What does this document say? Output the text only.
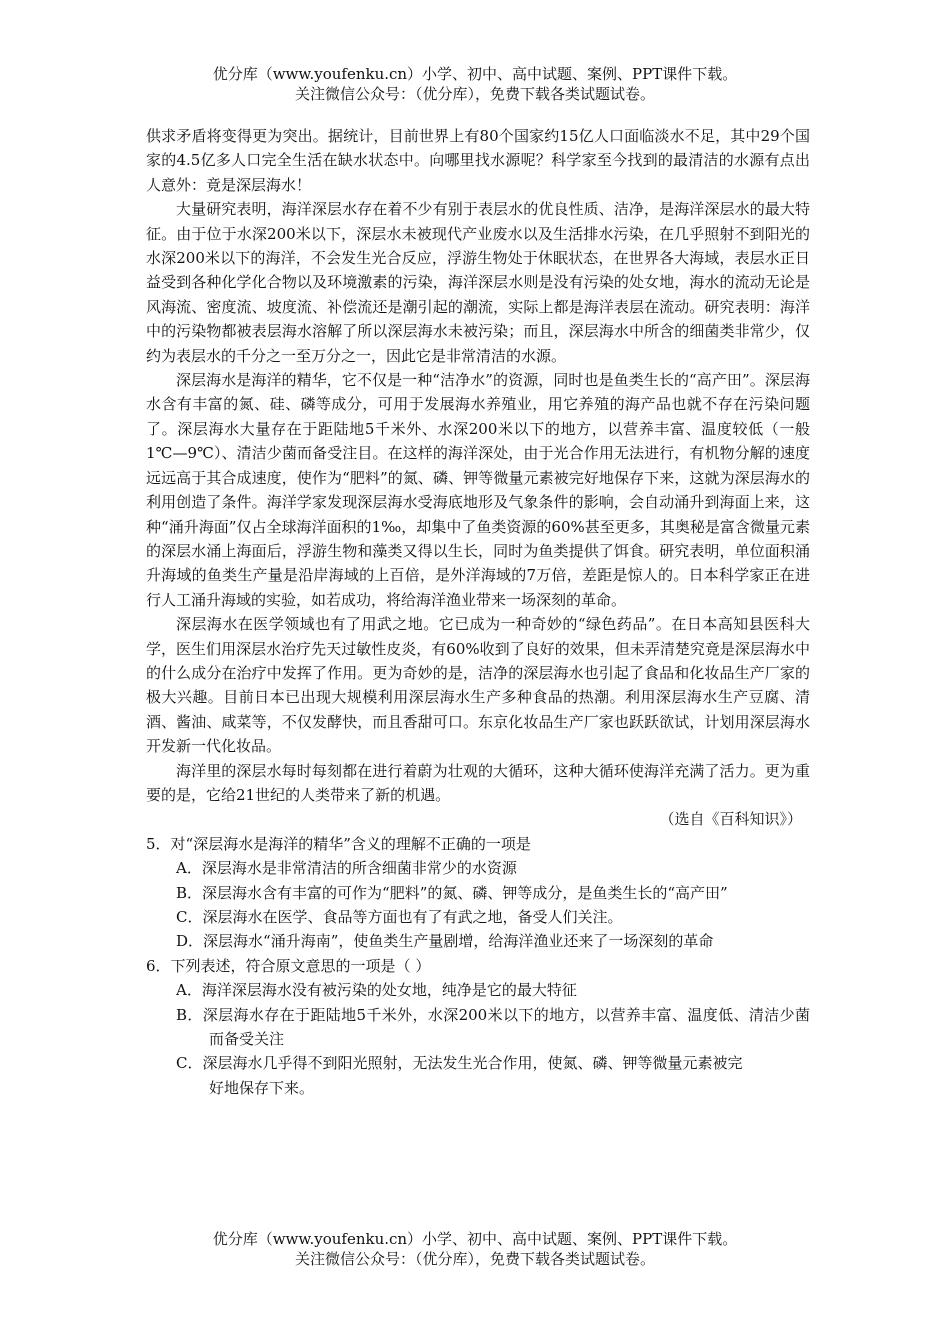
优分库（www.youfenku.cn）小学、初中、高中试题、案例、PPT课件下载。
关注微信公众号：（优分库），免费下载各类试题试卷。

供求矛盾将变得更为突出。据统计，目前世界上有80个国家约15亿人口面临淡水不足，其中29个国家的4.5亿多人口完全生活在缺水状态中。向哪里找水源呢？科学家至今找到的最清洁的水源有点出人意外：竟是深层海水！

大量研究表明，海洋深层水存在着不少有别于表层水的优良性质、洁净，是海洋深层水的最大特征。由于位于水深200米以下，深层水未被现代产业废水以及生活排水污染，在几乎照射不到阳光的水深200米以下的海洋，不会发生光合反应，浮游生物处于休眠状态，在世界各大海域，表层水正日益受到各种化学化合物以及环境激素的污染，海洋深层水则是没有污染的处女地，海水的流动无论是风海流、密度流、坡度流、补偿流还是潮引起的潮流，实际上都是海洋表层在流动。研究表明：海洋中的污染物都被表层海水溶解了所以深层海水未被污染；而且，深层海水中所含的细菌类非常少，仅约为表层水的千分之一至万分之一，因此它是非常清洁的水源。

深层海水是海洋的精华，它不仅是一种“洁净水”的资源，同时也是鱼类生长的“高产田”。深层海水含有丰富的氮、硅、磷等成分，可用于发展海水养殖业，用它养殖的海产品也就不存在污染问题了。深层海水大量存在于距陆地5千米外、水深200米以下的地方，以营养丰富、温度较低（一般1℃—9℃）、清洁少菌而备受注目。在这样的海洋深处，由于光合作用无法进行，有机物分解的速度远远高于其合成速度，使作为“肥料”的氮、磷、钾等微量元素被完好地保存下来，这就为深层海水的利用创造了条件。海洋学家发现深层海水受海底地形及气象条件的影响，会自动涌升到海面上来，这种“涌升海面”仅占全球海洋面积的1‰，却集中了鱼类资源的60%甚至更多，其奥秘是富含微量元素的深层水涌上海面后，浮游生物和藻类又得以生长，同时为鱼类提供了饵食。研究表明，单位面积涌升海域的鱼类生产量是沿岸海域的上百倍，是外洋海域的7万倍，差距是惊人的。日本科学家正在进行人工涌升海域的实验，如若成功，将给海洋渔业带来一场深刻的革命。

深层海水在医学领域也有了用武之地。它已成为一种奇妙的“绿色药品”。在日本高知县医科大学，医生们用深层水治疗先天过敏性皮炎，有60%收到了良好的效果，但未弄清楚究竟是深层海水中的什么成分在治疗中发挥了作用。更为奇妙的是，洁净的深层海水也引起了食品和化妆品生产厂家的极大兴趣。目前日本已出现大规模利用深层海水生产多种食品的热潮。利用深层海水生产豆腐、清酒、酱油、咸菜等，不仅发酵快，而且香甜可口。东京化妆品生产厂家也跃跃欲试，计划用深层海水开发新一代化妆品。

海洋里的深层水每时每刻都在进行着蔚为壮观的大循环，这种大循环使海洋充满了活力。更为重要的是，它给21世纪的人类带来了新的机遇。

（选自《百科知识》）

5．对“深层海水是海洋的精华”含义的理解不正确的一项是

A．深层海水是非常清洁的所含细菌非常少的水资源

B．深层海水含有丰富的可作为“肥料”的氮、磷、钾等成分，是鱼类生长的“高产田”

C．深层海水在医学、食品等方面也有了有武之地，备受人们关注。

D．深层海水“涌升海南”，使鱼类生产量剧增，给海洋渔业还来了一场深刻的革命

6．下列表述，符合原文意思的一项是（ ）

A．海洋深层海水没有被污染的处女地，纯净是它的最大特征

B．深层海水存在于距陆地5千米外，水深200米以下的地方，以营养丰富、温度低、清洁少菌而备受关注

C．深层海水几乎得不到阳光照射，无法发生光合作用，使氮、磷、钾等微量元素被完

好地保存下来。

优分库（www.youfenku.cn）小学、初中、高中试题、案例、PPT课件下载。
关注微信公众号：（优分库），免费下载各类试题试卷。
